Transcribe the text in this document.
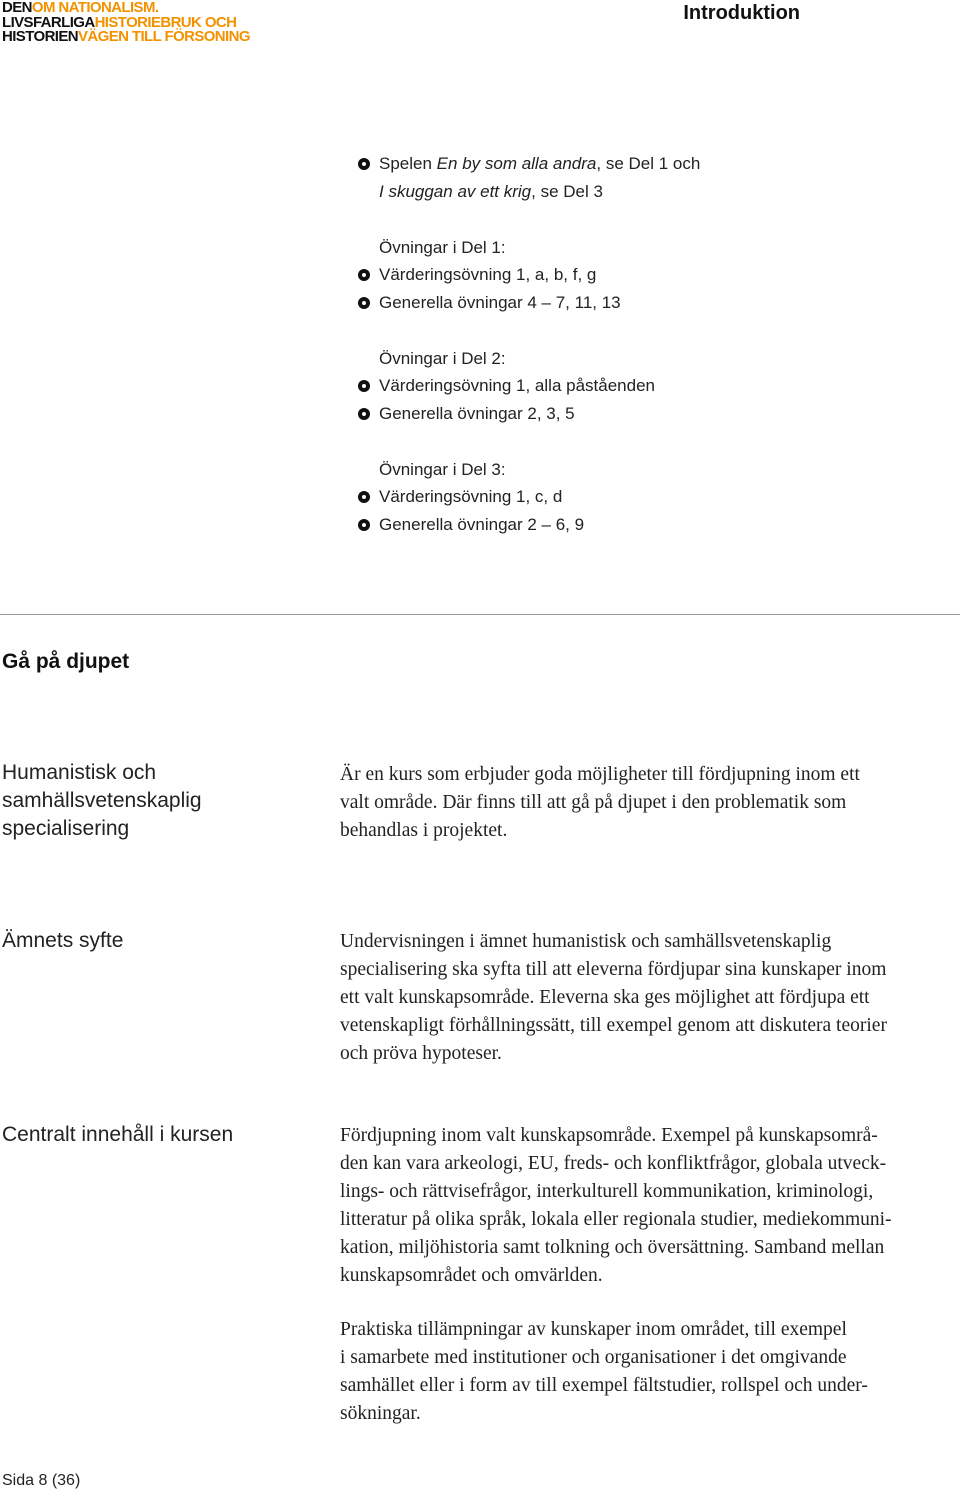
DENOM NATIONALISM.
LIVSFARLIGAHISTORIEBRUK OCH
HISTORIENVÄGEN TILL FÖRSONING
Introduktion
Spelen En by som alla andra, se Del 1 och
I skuggan av ett krig, se Del 3
Övningar i Del 1:
Värderingsövning 1, a, b, f, g
Generella övningar 4 – 7, 11, 13
Övningar i Del 2:
Värderingsövning 1, alla påståenden
Generella övningar 2, 3, 5
Övningar i Del 3:
Värderingsövning 1, c, d
Generella övningar 2 – 6, 9
Gå på djupet
Humanistisk och
samhällsvetenskaplig
specialisering
Är en kurs som erbjuder goda möjligheter till fördjupning inom ett
valt område. Där finns till att gå på djupet i den problematik som
behandlas i projektet.
Ämnets syfte	Undervisningen i ämnet humanistisk och samhällsvetenskaplig
specialisering ska syfta till att eleverna fördjupar sina kunskaper inom
ett valt kunskapsområde. Eleverna ska ges möjlighet att fördjupa ett
vetenskapligt förhållningssätt, till exempel genom att diskutera teorier
och pröva hypoteser.
Centralt innehåll i kursen	Fördjupning inom valt kunskapsområde. Exempel på kunskapsområ-
den kan vara arkeologi, EU, freds- och konfliktfrågor, globala utveck-
lings- och rättvisefrågor, interkulturell kommunikation, kriminologi,
litteratur på olika språk, lokala eller regionala studier, mediekommuni-
kation, miljöhistoria samt tolkning och översättning. Samband mellan
kunskapsområdet och omvärlden.
Praktiska tillämpningar av kunskaper inom området, till exempel
i samarbete med institutioner och organisationer i det omgivande
samhället eller i form av till exempel fältstudier, rollspel och under-
sökningar.
Sida 8 (36)
